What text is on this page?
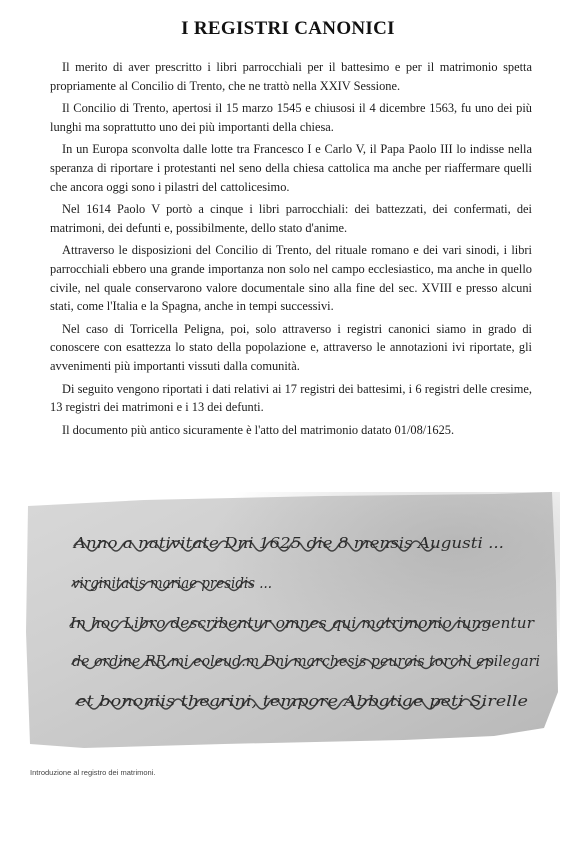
I REGISTRI CANONICI

Il merito di aver prescritto i libri parrocchiali per il battesimo e per il matrimonio spetta propriamente al Concilio di Trento, che ne trattò nella XXIV Sessione.

Il Concilio di Trento, apertosi il 15 marzo 1545 e chiusosi il 4 dicembre 1563, fu uno dei più lunghi ma soprattutto uno dei più importanti della chiesa.

In un Europa sconvolta dalle lotte tra Francesco I e Carlo V, il Papa Paolo III lo indisse nella speranza di riportare i protestanti nel seno della chiesa cattolica ma anche per riaffermare quelli che ancora oggi sono i pilastri del cattolicesimo.

Nel 1614 Paolo V portò a cinque i libri parrocchiali: dei battezzati, dei confermati, dei matrimoni, dei defunti e, possibilmente, dello stato d'anime.

Attraverso le disposizioni del Concilio di Trento, del rituale romano e dei vari sinodi, i libri parrocchiali ebbero una grande importanza non solo nel campo ecclesiastico, ma anche in quello civile, nel quale conservarono valore documentale sino alla fine del sec. XVIII e presso alcuni stati, come l'Italia e la Spagna, anche in tempi successivi.

Nel caso di Torricella Peligna, poi, solo attraverso i registri canonici siamo in grado di conoscere con esattezza lo stato della popolazione e, attraverso le annotazioni ivi riportate, gli avvenimenti più importanti vissuti dalla comunità.

Di seguito vengono riportati i dati relativi ai 17 registri dei battesimi, i 6 registri delle cresime, 13 registri dei matrimoni e i 13 dei defunti.

Il documento più antico sicuramente è l'atto del matrimonio datato 01/08/1625.

Anno a nativitate Dni 1625 die 8 mensis Augusti ...
virginitatis mariae presidis ...
In hoc Libro describentur omnes qui matrimonio iungentur
de ordine RR.mi eoleud.m Dni marchesis peurois torchi epilegari
et bononiis thearini, tempore Abbatiae peti Sirelle
Introduzione al registro dei matrimoni.
